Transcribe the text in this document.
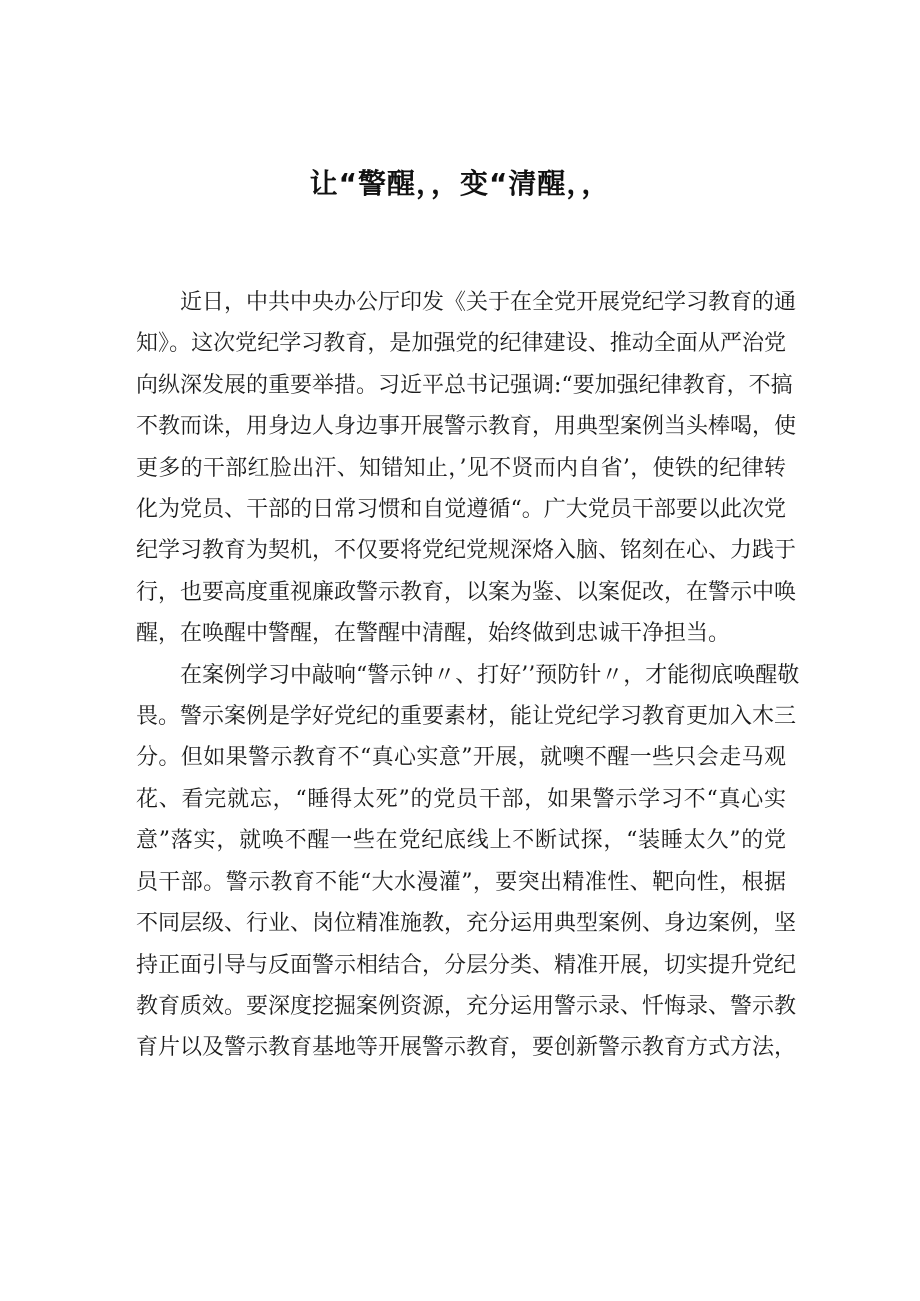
让“警醒，，变“清醒，，

近日，中共中央办公厅印发《关于在全党开展党纪学习教育的通
知》。这次党纪学习教育，是加强党的纪律建设、推动全面从严治党
向纵深发展的重要举措。习近平总书记强调:“要加强纪律教育，不搞
不教而诛，用身边人身边事开展警示教育，用典型案例当头棒喝，使
更多的干部红脸出汗、知错知止，’见不贤而内自省’，使铁的纪律转
化为党员、干部的日常习惯和自觉遵循“。广大党员干部要以此次党
纪学习教育为契机，不仅要将党纪党规深烙入脑、铭刻在心、力践于
行，也要高度重视廉政警示教育，以案为鉴、以案促改，在警示中唤
醒，在唤醒中警醒，在警醒中清醒，始终做到忠诚干净担当。

在案例学习中敲响“警示钟〃、打好’’预防针〃，才能彻底唤醒敬
畏。警示案例是学好党纪的重要素材，能让党纪学习教育更加入木三
分。但如果警示教育不“真心实意”开展，就噢不醒一些只会走马观
花、看完就忘，“睡得太死”的党员干部，如果警示学习不“真心实
意”落实，就唤不醒一些在党纪底线上不断试探，“装睡太久”的党
员干部。警示教育不能“大水漫灌”，要突出精准性、靶向性，根据
不同层级、行业、岗位精准施教，充分运用典型案例、身边案例，坚
持正面引导与反面警示相结合，分层分类、精准开展，切实提升党纪
教育质效。要深度挖掘案例资源，充分运用警示录、忏悔录、警示教
育片以及警示教育基地等开展警示教育，要创新警示教育方式方法，
